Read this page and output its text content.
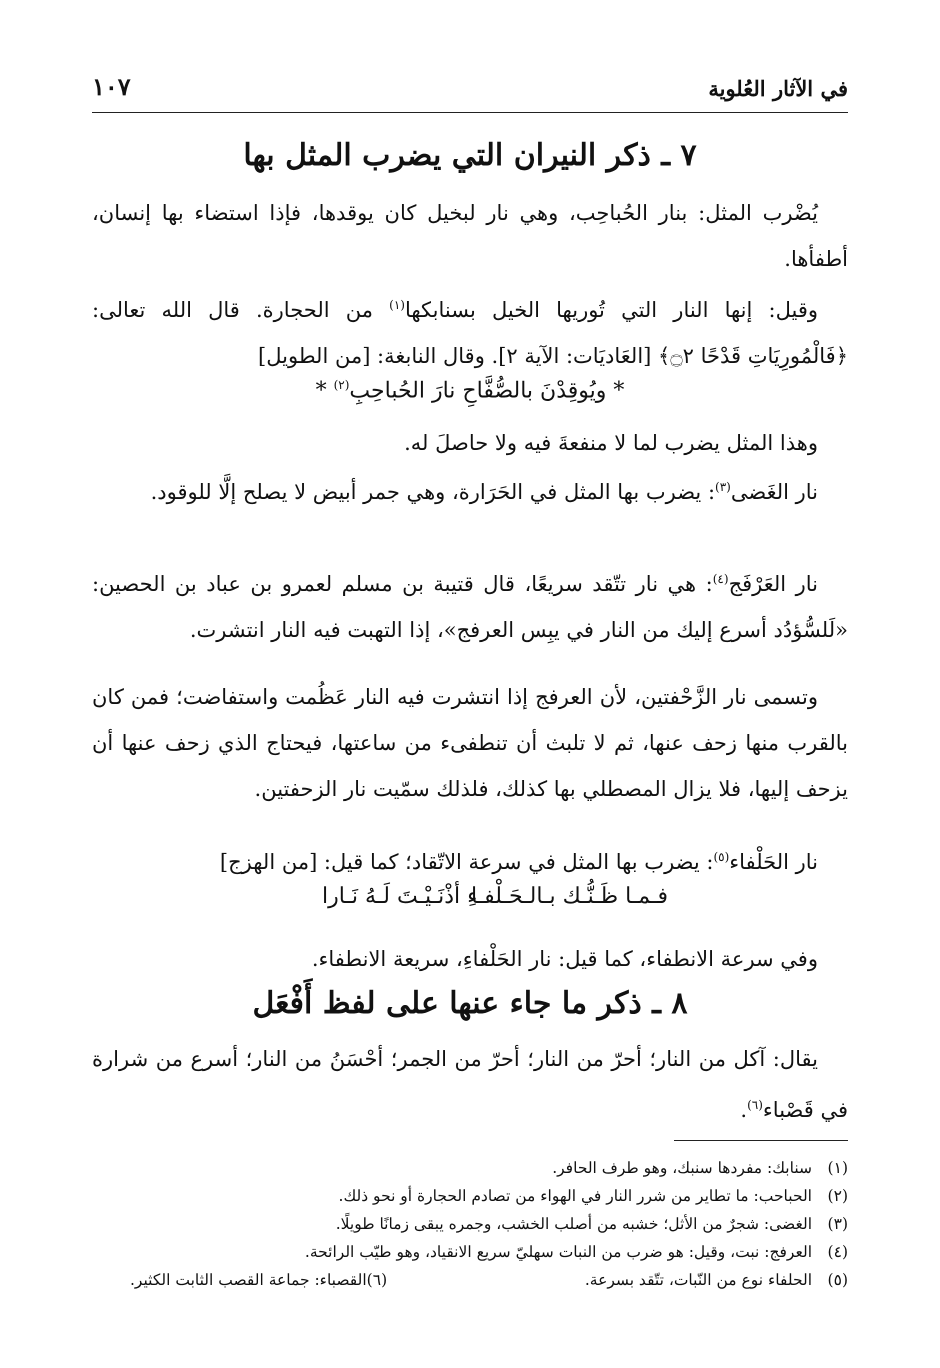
في الآثار العُلوية
١٠٧
٧ ـ ذكر النيران التي يضرب المثل بها
يُضْرب المثل: بنار الحُباحِب، وهي نار لبخيل كان يوقدها، فإذا استضاء بها إنسان، أطفأها.
وقيل: إنها النار التي تُوريها الخيل بسنابكها$^{(١)}$ من الحجارة. قال الله تعالى: ﴿فَالْمُورِيَاتِ قَدْحًا ۝٢﴾ [العَاديَات: الآية ٢]. وقال النابغة: [من الطويل]
* ويُوقِدْنَ بالصُّفَّاحِ نارَ الحُباحِبِ$^{(٢)}$ *
وهذا المثل يضرب لما لا منفعةَ فيه ولا حاصلَ له.
نار الغَضى$^{(٣)}$: يضرب بها المثل في الحَرَارة، وهي جمر أبيض لا يصلح إلَّا للوقود.
نار العَرْفَج$^{(٤)}$: هي نار تتّقد سريعًا، قال قتيبة بن مسلم لعمرو بن عباد بن الحصين: «لَلسُّؤدُد أسرع إليك من النار في يبِس العرفج»، إذا التهبت فيه النار انتشرت.
وتسمى نار الزَّحْفتين، لأن العرفج إذا انتشرت فيه النار عَظُمت واستفاضت؛ فمن كان بالقرب منها زحف عنها، ثم لا تلبث أن تنطفىء من ساعتها، فيحتاج الذي زحف عنها أن يزحف إليها، فلا يزال المصطلي بها كذلك، فلذلك سمّيت نار الزحفتين.
نار الحَلْفاء$^{(٥)}$: يضرب بها المثل في سرعة الاتّقاد؛ كما قيل: [من الهزج]
فـمـا ظَـنُّـك بـالـحَـلْفـا
ءِ أذْنَـيْـتَ لَـهُ نَـارا
وفي سرعة الانطفاء، كما قيل: نار الحَلْفاءِ، سريعة الانطفاء.
٨ ـ ذكر ما جاء عنها على لفظ أَفْعَل
يقال: آكل من النار؛ أحرّ من النار؛ أحرّ من الجمر؛ أحْسَنُ من النار؛ أسرع من شرارة في قَصْباء$^{(٦)}$.
(١)سنابك: مفردها سنبك، وهو طرف الحافر.
(٢)الحباحب: ما تطاير من شرر النار في الهواء من تصادم الحجارة أو نحو ذلك.
(٣)الغضى: شجرٌ من الأثل؛ خشبه من أصلب الخشب، وجمره يبقى زمانًا طويلًا.
(٤)العرفج: نبت، وقيل: هو ضرب من النبات سهليّ سريع الانقياد، وهو طيّب الرائحة.
(٥)الحلفاء نوع من النّبات، تتّقد بسرعة.
(٦)القصباء: جماعة القصب الثابت الكثير.
